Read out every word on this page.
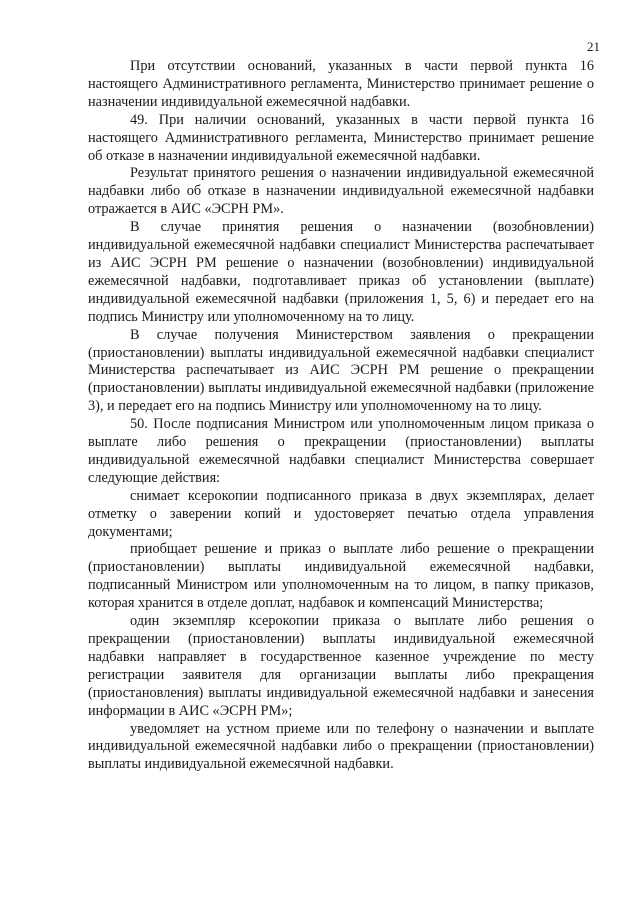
21

При отсутствии оснований, указанных в части первой пункта 16 настоящего Административного регламента, Министерство принимает решение о назначении индивидуальной ежемесячной надбавки.

49. При наличии оснований, указанных в части первой пункта 16 настоящего Административного регламента, Министерство принимает решение об отказе в назначении индивидуальной ежемесячной надбавки.

Результат принятого решения о назначении индивидуальной ежемесячной надбавки либо об отказе в назначении индивидуальной ежемесячной надбавки отражается в АИС «ЭСРН РМ».

В случае принятия решения о назначении (возобновлении) индивидуальной ежемесячной надбавки специалист Министерства распечатывает из АИС ЭСРН РМ решение о назначении (возобновлении) индивидуальной ежемесячной надбавки, подготавливает приказ об установлении (выплате) индивидуальной ежемесячной надбавки (приложения 1, 5, 6) и передает его на подпись Министру или уполномоченному на то лицу.

В случае получения Министерством заявления о прекращении (приостановлении) выплаты индивидуальной ежемесячной надбавки специалист Министерства распечатывает из АИС ЭСРН РМ решение о прекращении (приостановлении) выплаты индивидуальной ежемесячной надбавки (приложение 3), и передает его на подпись Министру или уполномоченному на то лицу.

50. После подписания Министром или уполномоченным лицом приказа о выплате либо решения о прекращении (приостановлении) выплаты индивидуальной ежемесячной надбавки специалист Министерства совершает следующие действия:

снимает ксерокопии подписанного приказа в двух экземплярах, делает отметку о заверении копий и удостоверяет печатью отдела управления документами;

приобщает решение и приказ о выплате либо решение о прекращении (приостановлении) выплаты индивидуальной ежемесячной надбавки, подписанный Министром или уполномоченным на то лицом, в папку приказов, которая хранится в отделе доплат, надбавок и компенсаций Министерства;

один экземпляр ксерокопии приказа о выплате либо решения о прекращении (приостановлении) выплаты индивидуальной ежемесячной надбавки направляет в государственное казенное учреждение по месту регистрации заявителя для организации выплаты либо прекращения (приостановления) выплаты индивидуальной ежемесячной надбавки и занесения информации в АИС «ЭСРН РМ»;

уведомляет на устном приеме или по телефону о назначении и выплате индивидуальной ежемесячной надбавки либо о прекращении (приостановлении) выплаты индивидуальной ежемесячной надбавки.
